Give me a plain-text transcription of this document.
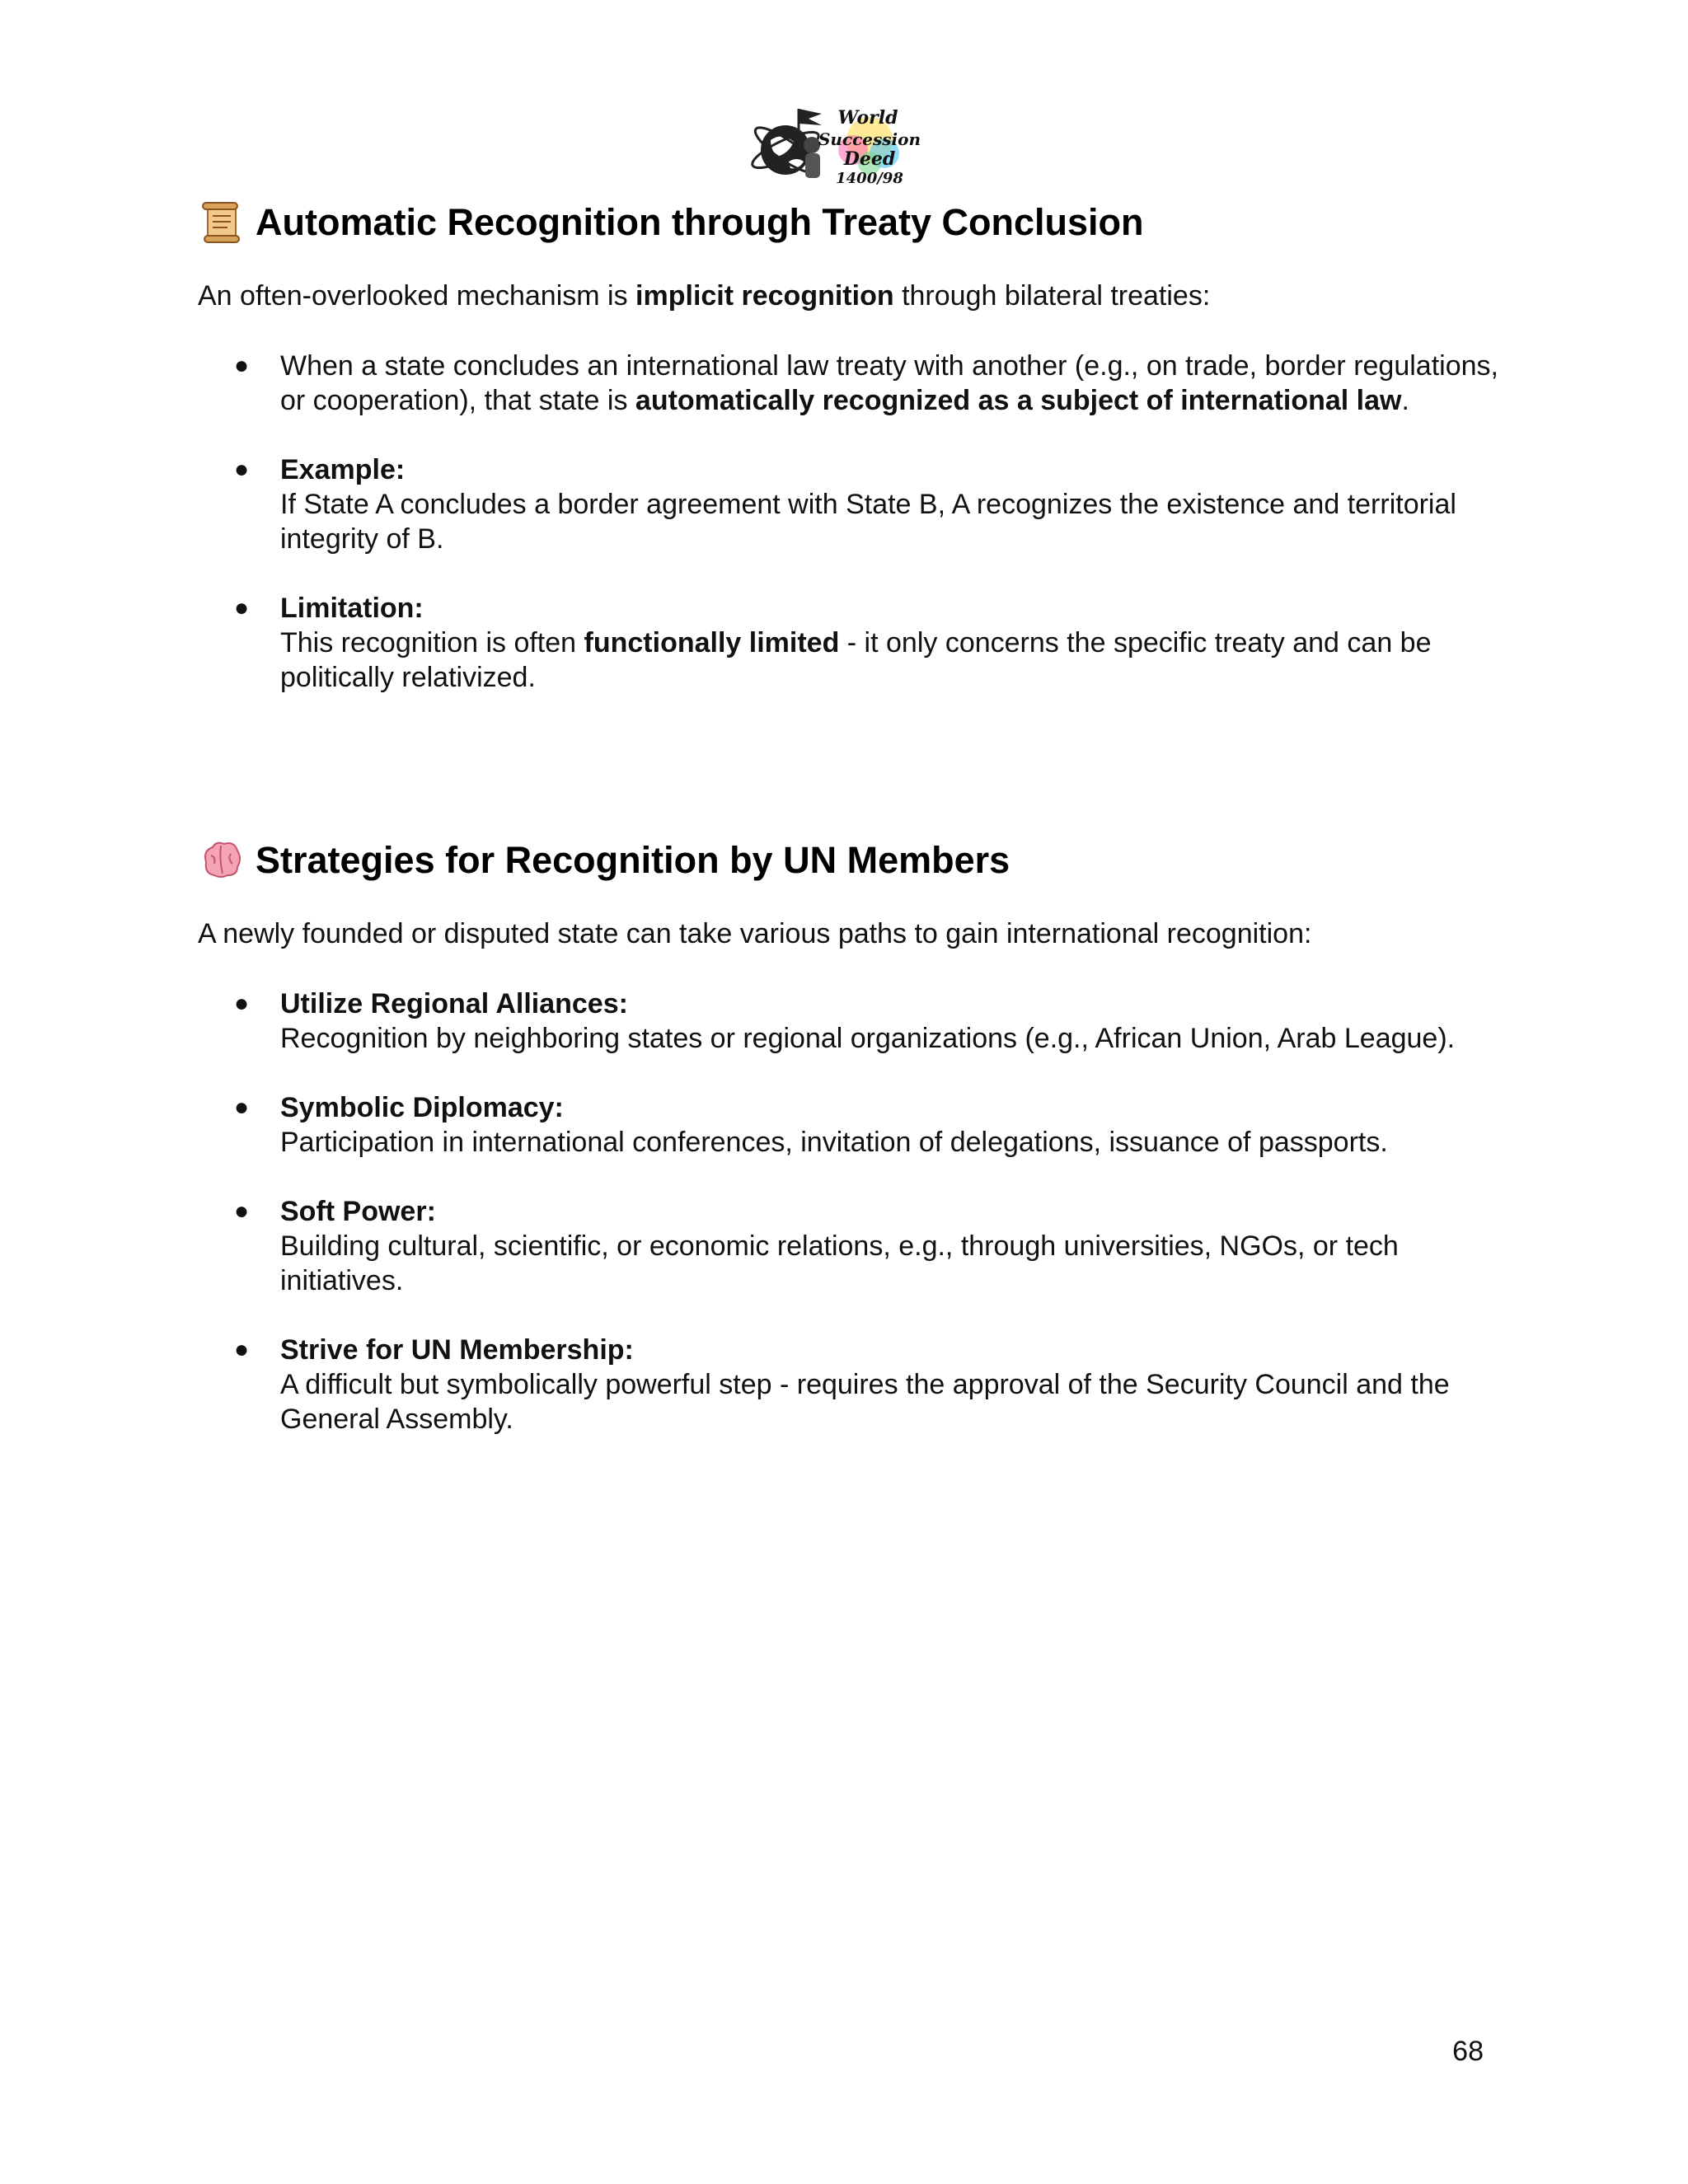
World
Succession
Deed
1400/98
Automatic Recognition through Treaty Conclusion

An often-overlooked mechanism is implicit recognition through bilateral treaties:

● When a state concludes an international law treaty with another (e.g., on trade, border regulations, or cooperation), that state is automatically recognized as a subject of international law.
● Example:
If State A concludes a border agreement with State B, A recognizes the existence and territorial integrity of B.
● Limitation:
This recognition is often functionally limited - it only concerns the specific treaty and can be politically relativized.
Strategies for Recognition by UN Members

A newly founded or disputed state can take various paths to gain international recognition:

● Utilize Regional Alliances:
Recognition by neighboring states or regional organizations (e.g., African Union, Arab League).
● Symbolic Diplomacy:
Participation in international conferences, invitation of delegations, issuance of passports.
● Soft Power:
Building cultural, scientific, or economic relations, e.g., through universities, NGOs, or tech initiatives.
● Strive for UN Membership:
A difficult but symbolically powerful step - requires the approval of the Security Council and the General Assembly.
68
